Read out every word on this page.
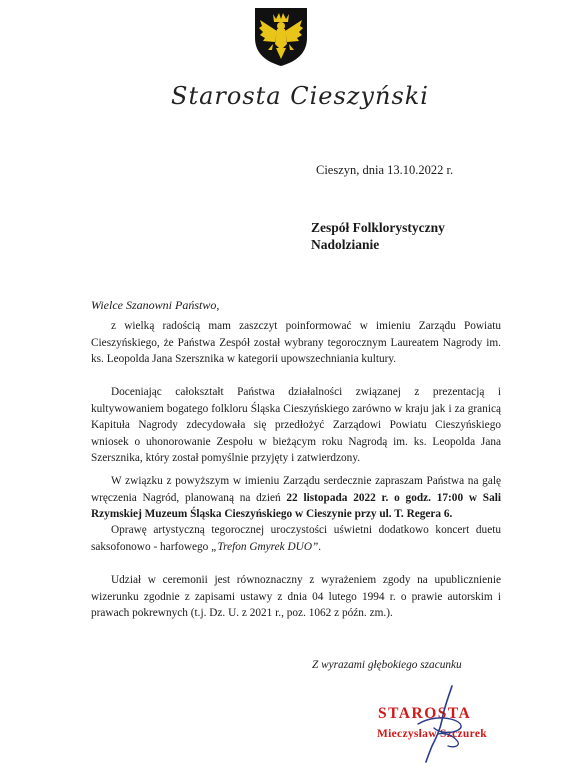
Starosta Cieszyński
Cieszyn, dnia 13.10.2022 r.
Zespół Folklorystyczny
Nadolzianie
Wielce Szanowni Państwo,

z wielką radością mam zaszczyt poinformować w imieniu Zarządu Powiatu Cieszyńskiego, że Państwa Zespół został wybrany tegorocznym Laureatem Nagrody im. ks. Leopolda Jana Szersznika w kategorii upowszechniania kultury.

Doceniając całokształt Państwa działalności związanej z prezentacją i kultywowaniem bogatego folkloru Śląska Cieszyńskiego zarówno w kraju jak i za granicą Kapituła Nagrody zdecydowała się przedłożyć Zarządowi Powiatu Cieszyńskiego wniosek o uhonorowanie Zespołu w bieżącym roku Nagrodą im. ks. Leopolda Jana Szersznika, który został pomyślnie przyjęty i zatwierdzony.

W związku z powyższym w imieniu Zarządu serdecznie zapraszam Państwa na galę wręczenia Nagród, planowaną na dzień 22 listopada 2022 r. o godz. 17:00 w Sali Rzymskiej Muzeum Śląska Cieszyńskiego w Cieszynie przy ul. T. Regera 6.

Oprawę artystyczną tegorocznej uroczystości uświetni dodatkowo koncert duetu saksofonowo - harfowego „Trefon Gmyrek DUO”.

Udział w ceremonii jest równoznaczny z wyrażeniem zgody na upublicznienie wizerunku zgodnie z zapisami ustawy z dnia 04 lutego 1994 r. o prawie autorskim i prawach pokrewnych (t.j. Dz. U. z 2021 r., poz. 1062 z późn. zm.).

Z wyrazami głębokiego szacunku
STAROSTA
Mieczysław Szczurek
